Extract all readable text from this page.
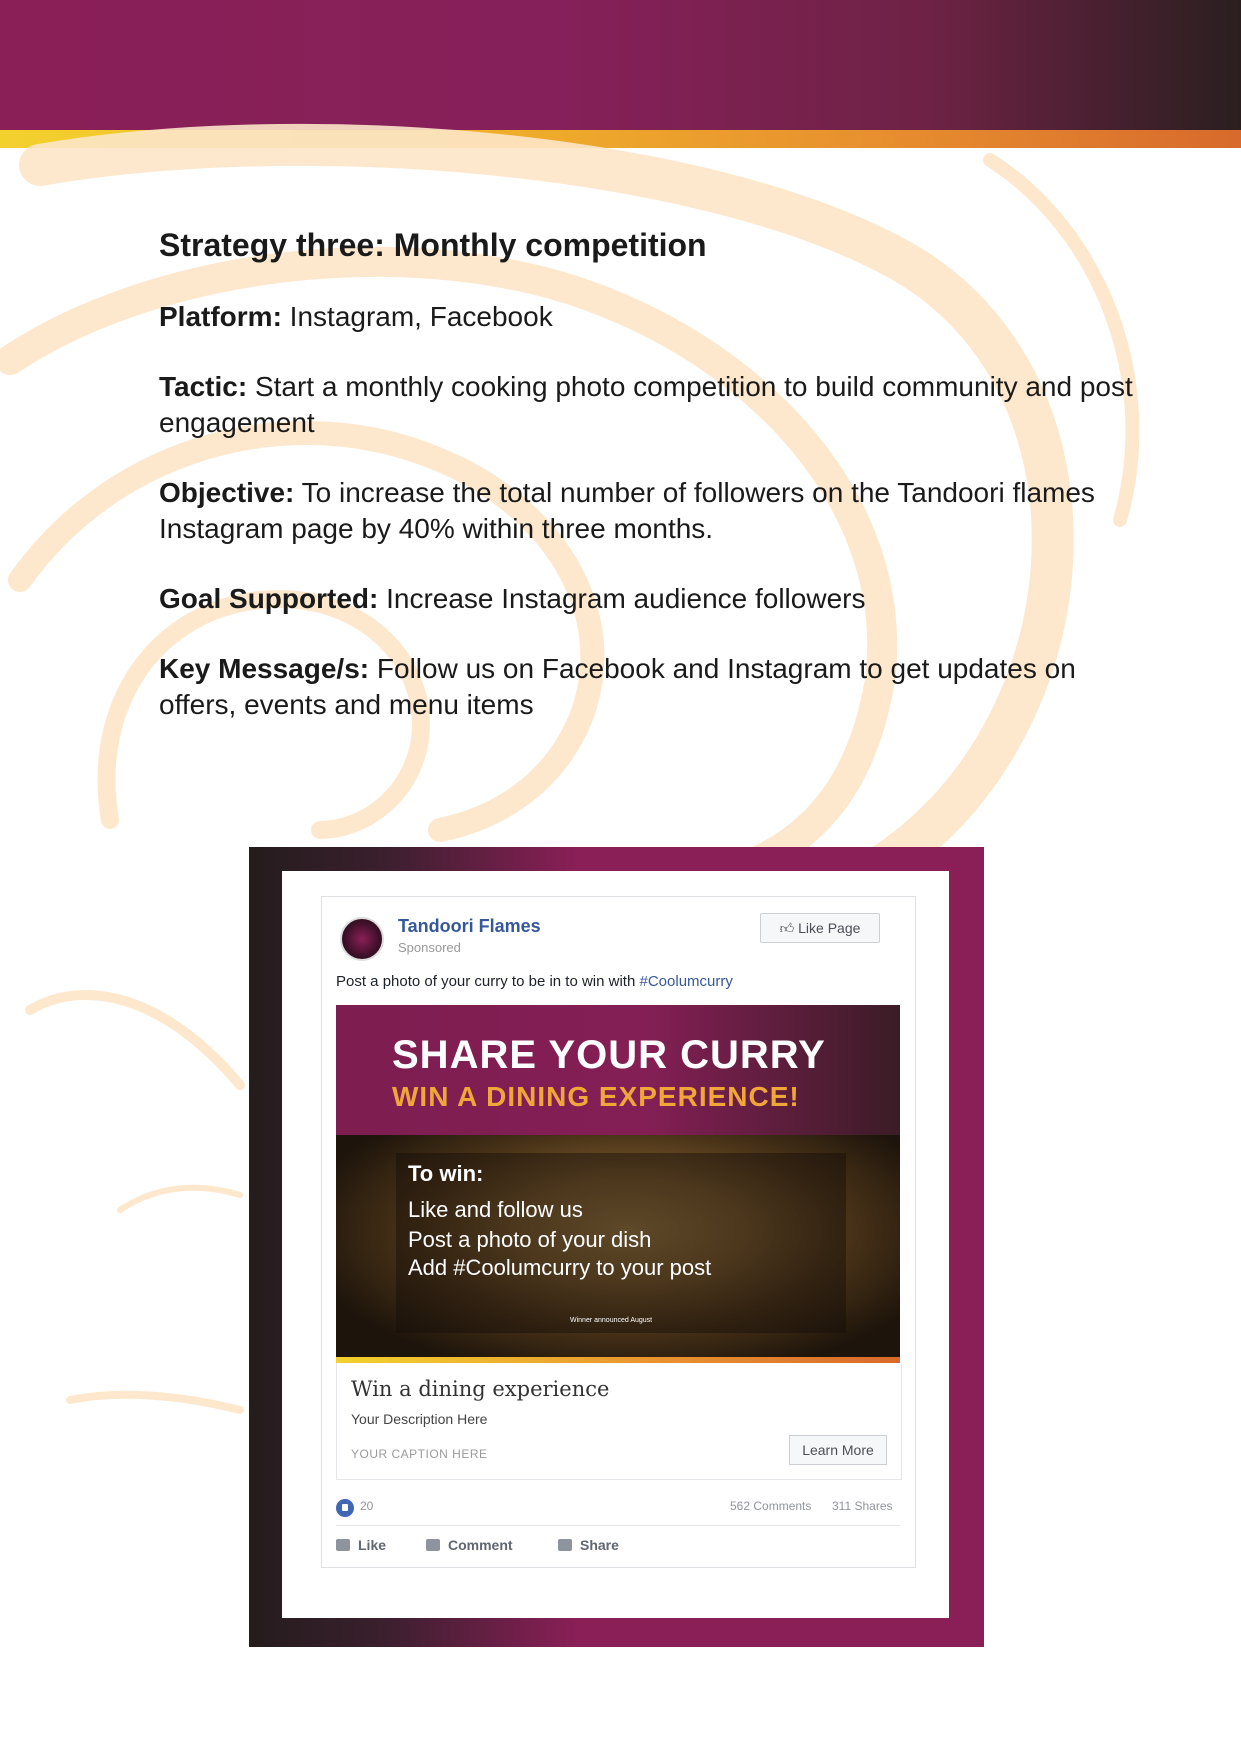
Strategy three: Monthly competition

Platform: Instagram, Facebook

Tactic: Start a monthly cooking photo competition to build community and post engagement

Objective: To increase the total number of followers on the Tandoori flames Instagram page by 40% within three months.

Goal Supported: Increase Instagram audience followers

Key Message/s: Follow us on Facebook and Instagram to get updates on offers, events and menu items

Tandoori Flames
Sponsored
👍︎ Like Page
Post a photo of your curry to be in to win with #Coolumcurry
SHARE YOUR CURRY
WIN A DINING EXPERIENCE!
To win:
Like and follow us
Post a photo of your dish
Add #Coolumcurry to your post
Winner announced August
Win a dining experience
Your Description Here
YOUR CAPTION HERE	Learn More
20	562 Comments 311 Shares
Like	Comment	Share
